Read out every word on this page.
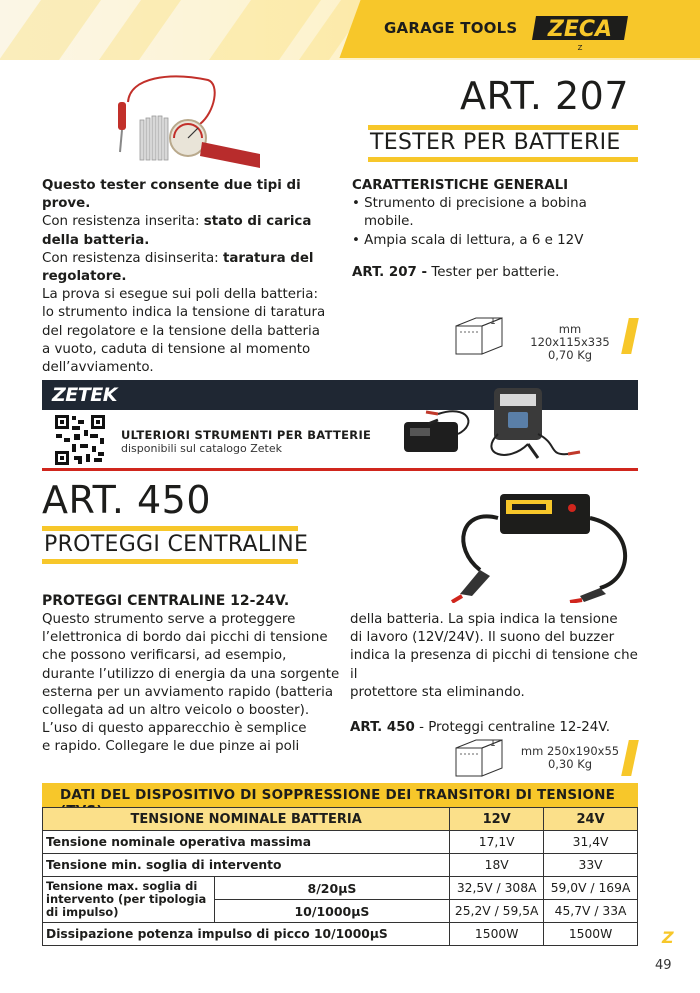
GARAGE TOOLS ZECA
Z
ART. 207
TESTER PER BATTERIE
Questo tester consente due tipi di prove.
Con resistenza inserita: stato di carica
della batteria.
Con resistenza disinserita: taratura del
regolatore.
La prova si esegue sui poli della batteria:
lo strumento indica la tensione di taratura
del regolatore e la tensione della batteria
a vuoto, caduta di tensione al momento
dell’avviamento.
CARATTERISTICHE GENERALI
• Strumento di precisione a bobina mobile.
• Ampia scala di lettura, a 6 e 12V
ART. 207 - Tester per batterie.
1	mm 120x115x335
0,70 Kg
ZETEK
ULTERIORI STRUMENTI PER BATTERIE
disponibili sul catalogo Zetek
ART. 450
PROTEGGI CENTRALINE
PROTEGGI CENTRALINE 12-24V.
Questo strumento serve a proteggere
l’elettronica di bordo dai picchi di tensione
che possono verificarsi, ad esempio,
durante l’utilizzo di energia da una sorgente
esterna per un avviamento rapido (batteria
collegata ad un altro veicolo o booster).
L’uso di questo apparecchio è semplice
e rapido. Collegare le due pinze ai poli
della batteria. La spia indica la tensione
di lavoro (12V/24V). Il suono del buzzer
indica la presenza di picchi di tensione che il
protettore sta eliminando.
ART. 450 - Proteggi centraline 12-24V.
1 mm 250x190x55
0,30 Kg
DATI DEL DISPOSITIVO DI SOPPRESSIONE DEI TRANSITORI DI TENSIONE
TENSIONE NOMINALE BATTERIA		12V	24V
Tensione nominale operativa massima		17,1V	31,4V
Tensione min. soglia di intervento		18V	33V
Tensione max. soglia di intervento (per tipologia di impulso)	8/20µS	32,5V / 308A	59,0V / 169A
	10/1000µS	25,2V / 59,5A	45,7V / 33A
Dissipazione potenza impulso di picco 10/1000µS		1500W	1500W	Z
49
